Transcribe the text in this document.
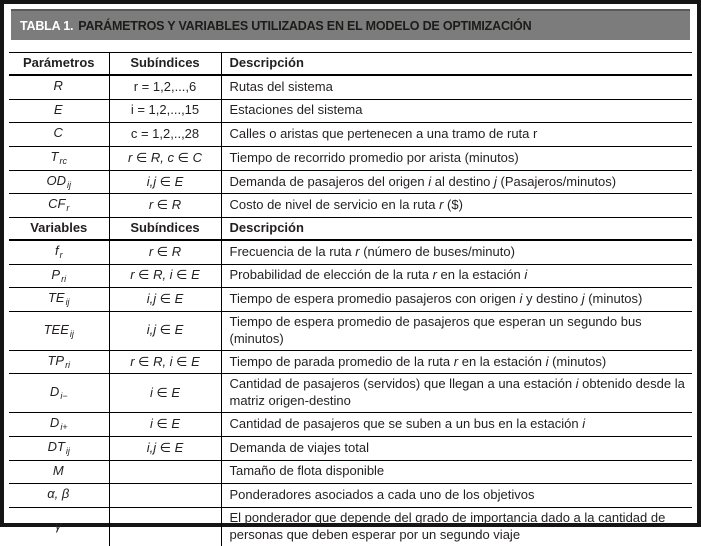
TABLA 1. PARÁMETROS Y VARIABLES UTILIZADAS EN EL MODELO DE OPTIMIZACIÓN
Parámetros	Subíndices	Descripción
R	r = 1,2,...,6	Rutas del sistema
E	i = 1,2,...,15	Estaciones del sistema
C	c = 1,2,..,28	Calles o aristas que pertenecen a una tramo de ruta r
$T_{rc}$	r ∈ R, c ∈ C	Tiempo de recorrido promedio por arista (minutos)
$OD_{ij}$	i,j ∈ E	Demanda de pasajeros del origen i al destino j (Pasajeros/minutos)
$CF_r$	r ∈ R	Costo de nivel de servicio en la ruta r ($)
Variables	Subíndices	Descripción
$f_r$	r ∈ R	Frecuencia de la ruta r (número de buses/minuto)
$P_{ri}$	r ∈ R, i ∈ E	Probabilidad de elección de la ruta r en la estación i
$TE_{ij}$	i,j ∈ E	Tiempo de espera promedio pasajeros con origen i y destino j (minutos)
$TEE_{ij}$	i,j ∈ E	Tiempo de espera promedio de pasajeros que esperan un segundo bus (minutos)
$TP_{ri}$	r ∈ R, i ∈ E	Tiempo de parada promedio de la ruta r en la estación i (minutos)
$D_{i-}$	i ∈ E	Cantidad de pasajeros (servidos) que llegan a una estación i obtenido desde la matriz origen-destino
$D_{i+}$	i ∈ E	Cantidad de pasajeros que se suben a un bus en la estación i
$DT_{ij}$	i,j ∈ E	Demanda de viajes total
M		Tamaño de flota disponible
α, β		Ponderadores asociados a cada uno de los objetivos
γ		El ponderador que depende del grado de importancia dado a la cantidad de personas que deben esperar por un segundo viaje
